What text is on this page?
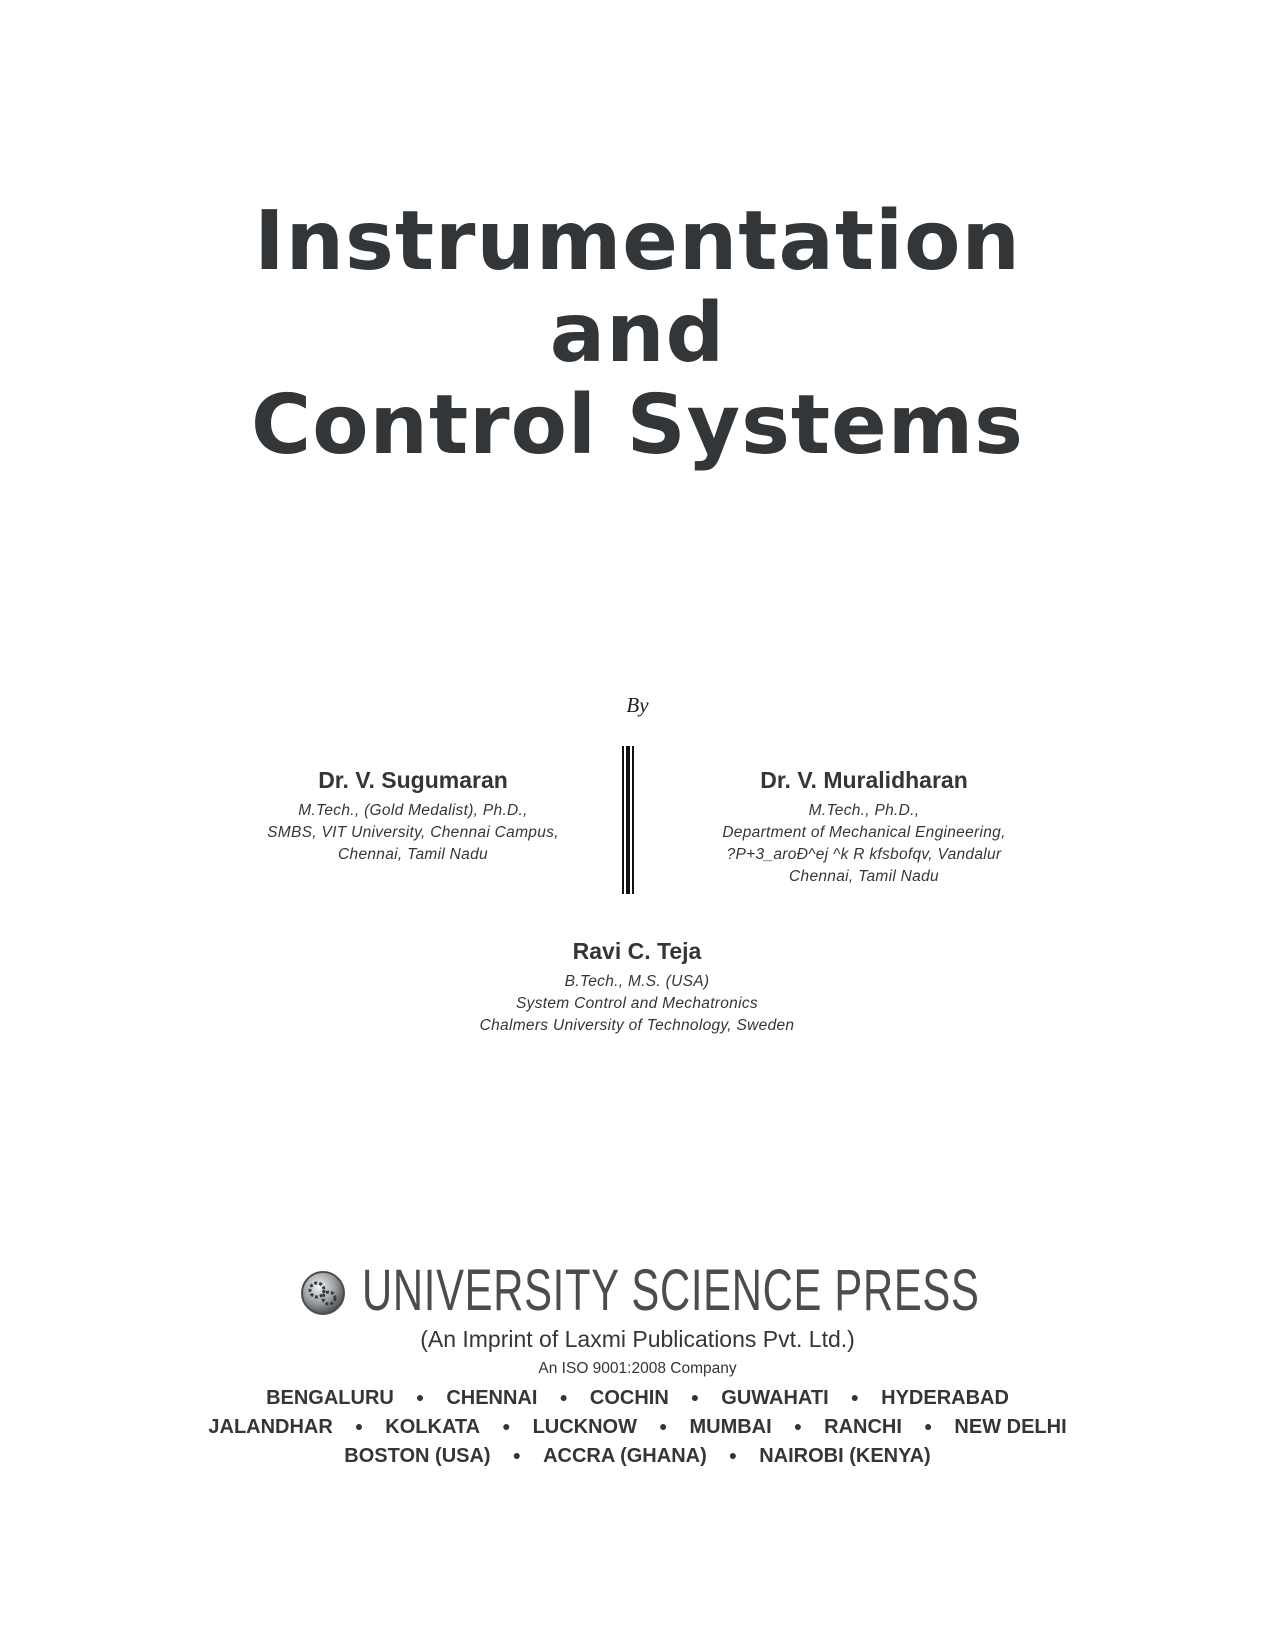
Instrumentation
and
Control Systems
By
Dr. V. Sugumaran
M.Tech., (Gold Medalist), Ph.D.,
SMBS, VIT University, Chennai Campus,
Chennai, Tamil Nadu
Dr. V. Muralidharan
M.Tech., Ph.D.,
Department of Mechanical Engineering,
?P+3_aroÐ^ej ^k R kfsbofqv, Vandalur
Chennai, Tamil Nadu
Ravi C. Teja
B.Tech., M.S. (USA)
System Control and Mechatronics
Chalmers University of Technology, Sweden
UNIVERSITY SCIENCE PRESS
(An Imprint of Laxmi Publications Pvt. Ltd.)
An ISO 9001:2008 Company
BENGALURU ● CHENNAI ● COCHIN ● GUWAHATI ● HYDERABAD
JALANDHAR ● KOLKATA ● LUCKNOW ● MUMBAI ● RANCHI ● NEW DELHI
BOSTON (USA) ● ACCRA (GHANA) ● NAIROBI (KENYA)
